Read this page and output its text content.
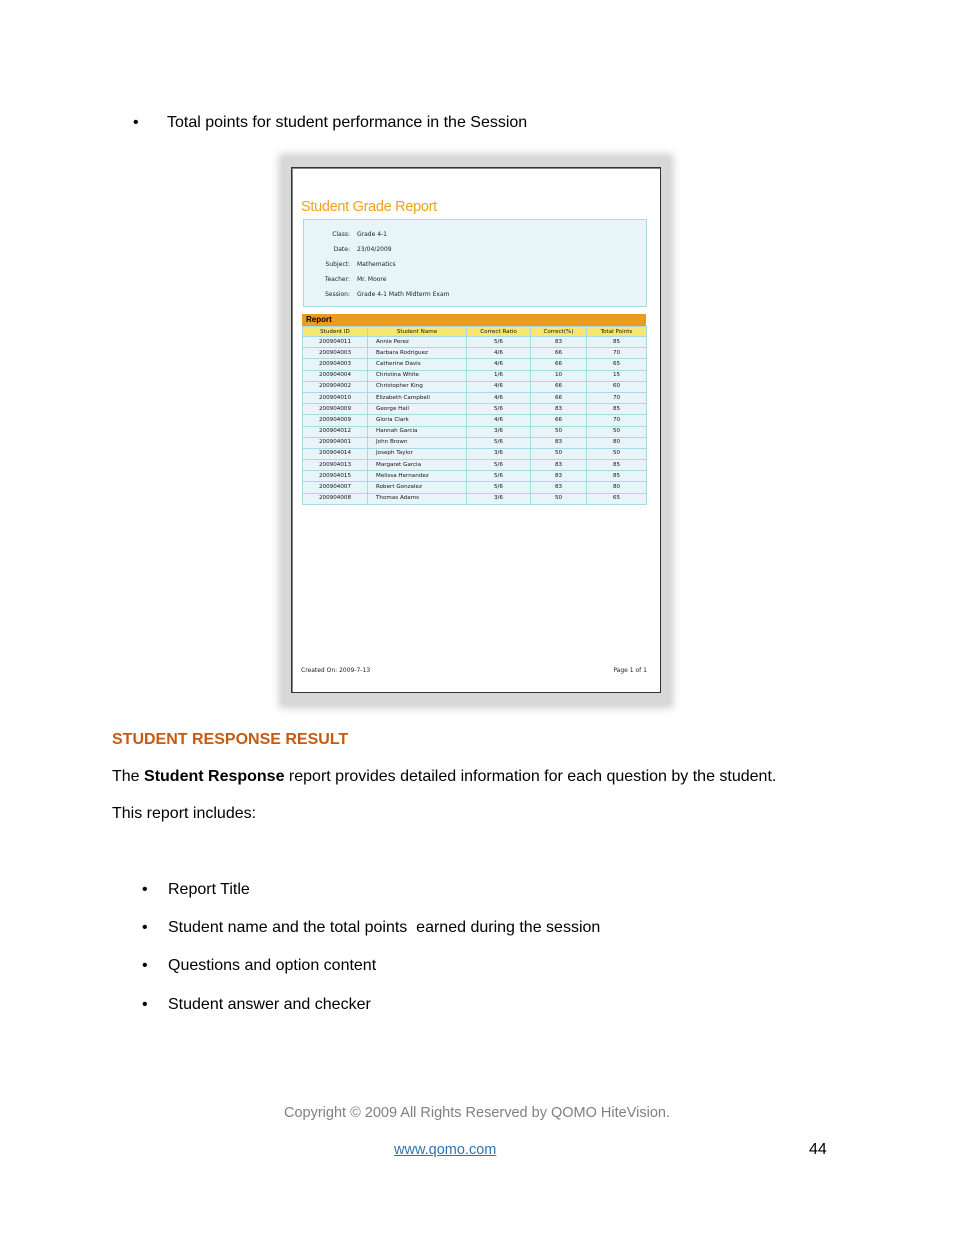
• Total points for student performance in the Session
Student Grade Report
Class: Grade 4-1
Date: 23/04/2009
Subject: Mathematics
Teacher: Mr. Moore
Session: Grade 4-1 Math Midterm Exam
Report
Student ID	Student Name	Correct Ratio	Correct(%)	Total Points
200904011	Annie Perez	5/6	83	85
200904003	Barbara Rodriguez	4/6	66	70
200904003	Catherine Davis	4/6	66	65
200904004	Christina White	1/6	10	15
200904002	Christopher King	4/6	66	60
200904010	Elizabeth Campbell	4/6	66	70
200904009	George Hall	5/6	83	85
200904009	Gloria Clark	4/6	66	70
200904012	Hannah Garcia	3/6	50	50
200904001	John Brown	5/6	83	80
200904014	Joseph Taylor	3/6	50	50
200904013	Margaret Garcia	5/6	83	85
200904015	Melissa Hernandez	5/6	83	85
200904007	Robert Gonzalez	5/6	83	80
200904008	Thomas Adams	3/6	50	65
Created On: 2009-7-13	Page 1 of 1
STUDENT RESPONSE RESULT
The Student Response report provides detailed information for each question by the student.
This report includes:
• Report Title
• Student name and the total points  earned during the session
• Questions and option content
• Student answer and checker
Copyright © 2009 All Rights Reserved by QOMO HiteVision.
www.qomo.com	44
